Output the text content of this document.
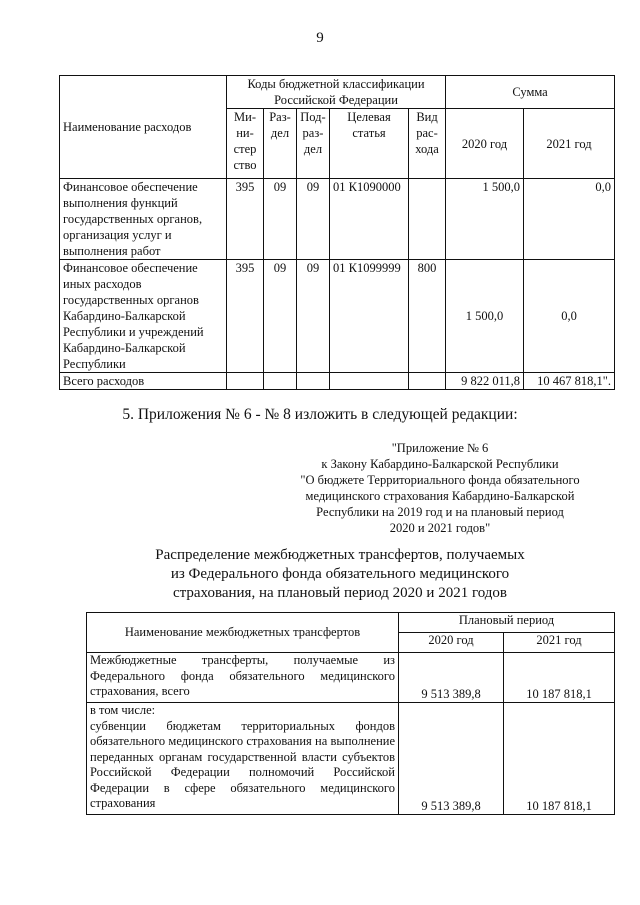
9
Наименование расходов	Коды бюджетной классификации Российской Федерации					Сумма	
	Ми-ни-стер ство	Раз-дел	Под-раз-дел	Целевая статья	Вид рас-хода	2020 год	2021 год
Финансовое обеспечение выполнения функций государственных органов, организация услуг и выполнения работ	395	09	09	01 К1090000		1 500,0	0,0
Финансовое обеспечение иных расходов государственных органов Кабардино-Балкарской Республики и учреждений Кабардино-Балкарской Республики	395	09	09	01 К1099999	800	1 500,0	0,0
Всего расходов						9 822 011,8	10 467 818,1".
5. Приложения № 6 - № 8 изложить в следующей редакции:
"Приложение № 6
к Закону Кабардино-Балкарской Республики
"О бюджете Территориального фонда обязательного
медицинского страхования Кабардино-Балкарской
Республики на 2019 год и на плановый период
2020 и 2021 годов"
Распределение межбюджетных трансфертов, получаемых
из Федерального фонда обязательного медицинского
страхования, на плановый период 2020 и 2021 годов
Наименование межбюджетных трансфертов	Плановый период	
	2020 год	2021 год
Межбюджетные трансферты, получаемые из Федерального фонда обязательного медицинского страхования, всего	9 513 389,8	10 187 818,1

в том числе:
субвенции бюджетам территориальных фондов обязательного медицинского страхования на выполнение переданных органам государственной власти субъектов Российской Федерации полномочий Российской Федерации в сфере обязательного медицинского страхования	9 513 389,8	10 187 818,1
